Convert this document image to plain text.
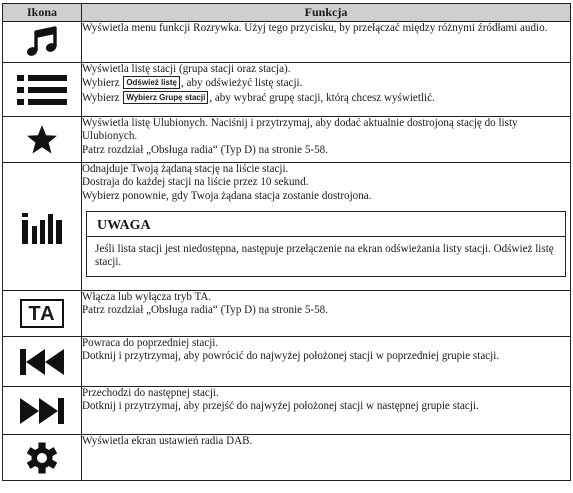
Ikona	Funkcja

Wyświetla menu funkcji Rozrywka. Użyj tego przycisku, by przełączać między różnymi źródłami audio.

Wyświetla listę stacji (grupa stacji oraz stacja).
Wybierz Odśwież listę , aby odświeżyć listę stacji.
Wybierz Wybierz Grupę stacji , aby wybrać grupę stacji, którą chcesz wyświetlić.

Wyświetla listę Ulubionych. Naciśnij i przytrzymaj, aby dodać aktualnie dostrojoną stację do listy Ulubionych.
Patrz rozdział „Obsługa radia“ (Typ D) na stronie 5-58.

Odnajduje Twoją żądaną stację na liście stacji.
Dostraja do każdej stacji na liście przez 10 sekund.
Wybierz ponownie, gdy Twoja żądana stacja zostanie dostrojona.
UWAGA
Jeśli lista stacji jest niedostępna, następuje przełączenie na ekran odświeżania listy stacji. Odśwież listę stacji.

TA	Włącza lub wyłącza tryb TA.
Patrz rozdział „Obsługa radia“ (Typ D) na stronie 5-58.

Powraca do poprzedniej stacji.
Dotknij i przytrzymaj, aby powrócić do najwyżej położonej stacji w poprzedniej grupie stacji.

Przechodzi do następnej stacji.
Dotknij i przytrzymaj, aby przejść do najwyżej położonej stacji w następnej grupie stacji.

Wyświetla ekran ustawień radia DAB.
